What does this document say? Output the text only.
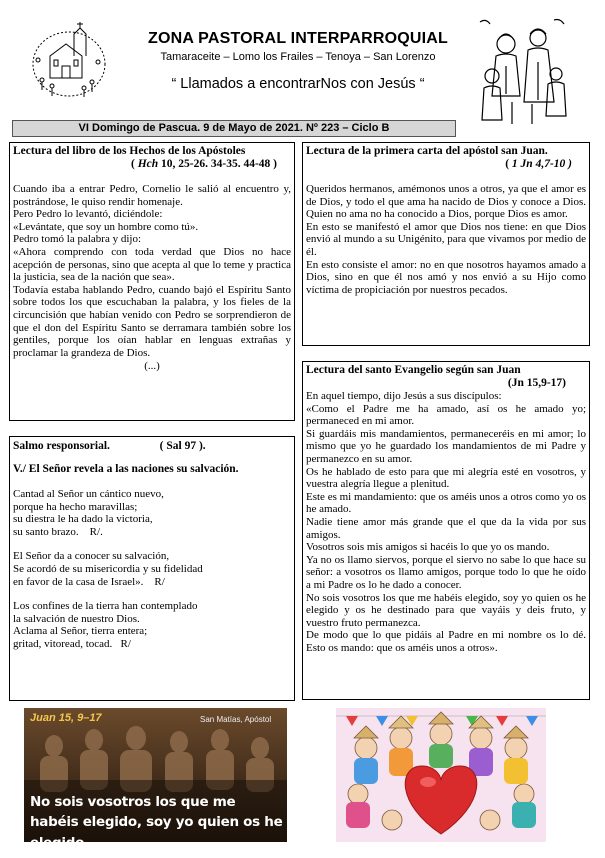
ZONA PASTORAL INTERPARROQUIAL
Tamaraceite – Lomo los Frailes – Tenoya – San Lorenzo
“ Llamados a encontrarNos con Jesús “
VI Domingo de Pascua. 9 de Mayo de 2021. Nº 223 – Ciclo B
Lectura del libro de los Hechos de los Apóstoles
( Hch 10, 25-26. 34-35. 44-48 )

Cuando iba a entrar Pedro, Cornelio le salió al encuentro y, postrándose, le quiso rendir homenaje.

Pero Pedro lo levantó, diciéndole:

«Levántate, que soy un hombre como tú».

Pedro tomó la palabra y dijo:

«Ahora comprendo con toda verdad que Dios no hace acepción de personas, sino que acepta al que lo teme y practica la justicia, sea de la nación que sea».

Todavía estaba hablando Pedro, cuando bajó el Espíritu Santo sobre todos los que escuchaban la palabra, y los fieles de la circuncisión que habían venido con Pedro se sorprendieron de que el don del Espíritu Santo se derramara también sobre los gentiles, porque los oían hablar en lenguas extrañas y proclamar la grandeza de Dios.

(...)
Salmo responsorial.	( Sal 97 ).
V./ El Señor revela a las naciones su salvación.

Cantad al Señor un cántico nuevo,

porque ha hecho maravillas;

su diestra le ha dado la victoria,

su santo brazo.    R/.

El Señor da a conocer su salvación,

Se acordó de su misericordia y su fidelidad

en favor de la casa de Israel».    R/

Los confines de la tierra han contemplado

la salvación de nuestro Dios.

Aclama al Señor, tierra entera;

gritad, vitoread, tocad.   R/

Lectura de la primera carta del apóstol san Juan.
( 1 Jn 4,7-10 )

Queridos hermanos, amémonos unos a otros, ya que el amor es de Dios, y todo el que ama ha nacido de Dios y conoce a Dios. Quien no ama no ha conocido a Dios, porque Dios es amor.

En esto se manifestó el amor que Dios nos tiene: en que Dios envió al mundo a su Unigénito, para que vivamos por medio de él.

En esto consiste el amor: no en que nosotros hayamos amado a Dios, sino en que él nos amó y nos envió a su Hijo como víctima de propiciación por nuestros pecados.

Lectura del santo Evangelio según san Juan
(Jn 15,9-17)

En aquel tiempo, dijo Jesús a sus discípulos:

«Como el Padre me ha amado, así os he amado yo; permaneced en mi amor.

Si guardáis mis mandamientos, permaneceréis en mi amor; lo mismo que yo he guardado los mandamientos de mi Padre y permanezco en su amor.

Os he hablado de esto para que mi alegría esté en vosotros, y vuestra alegría llegue a plenitud.

Este es mi mandamiento: que os améis unos a otros como yo os he amado.

Nadie tiene amor más grande que el que da la vida por sus amigos.

Vosotros sois mis amigos si hacéis lo que yo os mando.

Ya no os llamo siervos, porque el siervo no sabe lo que hace su señor: a vosotros os llamo amigos, porque todo lo que he oído a mi Padre os lo he dado a conocer.

No sois vosotros los que me habéis elegido, soy yo quien os he elegido y os he destinado para que vayáis y deis fruto, y vuestro fruto permanezca.

De modo que lo que pidáis al Padre en mi nombre os lo dé. Esto os mando: que os améis unos a otros».

Juan 15, 9–17	San Matías, Apóstol
No sois vosotros los que me
habéis elegido, soy yo quien os he elegido
